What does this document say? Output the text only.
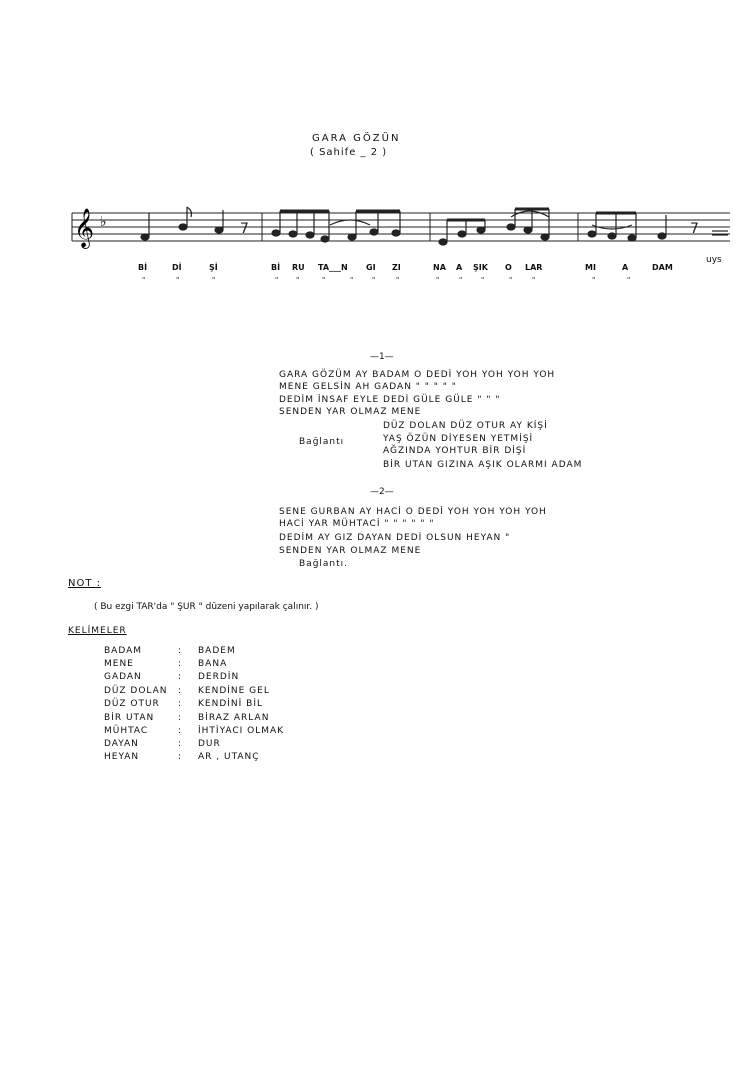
GARA GÖZÜN
( Sahife _ 2 )
𝄞 ♭	7	7
Bİ	Dİ	Şİ	Bİ RU TA___N GI ZI	NA A ŞIK O LAR	MI	A	DAM
uys
"	"	"	"	"	"	"	"	"	"	"	"	"	"	"	"
—1—
GARA GÖZÜM AY BADAM O DEDİ YOH YOH YOH YOH
MENE GELSİN AH GADAN " " " " "
DEDİM İNSAF EYLE DEDİ GÜLE GÜLE " " "
SENDEN YAR OLMAZ MENE
Bağlantı
DÜZ DOLAN DÜZ OTUR AY KİŞİ
YAŞ ÖZÜN DİYESEN YETMİŞİ
AĞZINDA YOHTUR BİR DİŞİ
BİR UTAN GIZINA AŞIK OLARMI ADAM
—2—
SENE GURBAN AY HACİ O DEDİ YOH YOH YOH YOH
HACİ YAR MÜHTACİ " " " " " "
DEDİM AY GIZ DAYAN DEDİ OLSUN HEYAN "
SENDEN YAR OLMAZ MENE
Bağlantı.
NOT :
( Bu ezgi TAR'da " ŞUR " düzeni yapılarak çalınır. )
KELİMELER
BADAM	: BADEM
MENE	: BANA
GADAN	: DERDİN
DÜZ DOLAN : KENDİNE GEL
DÜZ OTUR : KENDİNİ BİL
BİR UTAN	: BİRAZ ARLAN
MÜHTAC	: İHTİYACI OLMAK
DAYAN	: DUR
HEYAN	: AR , UTANÇ
